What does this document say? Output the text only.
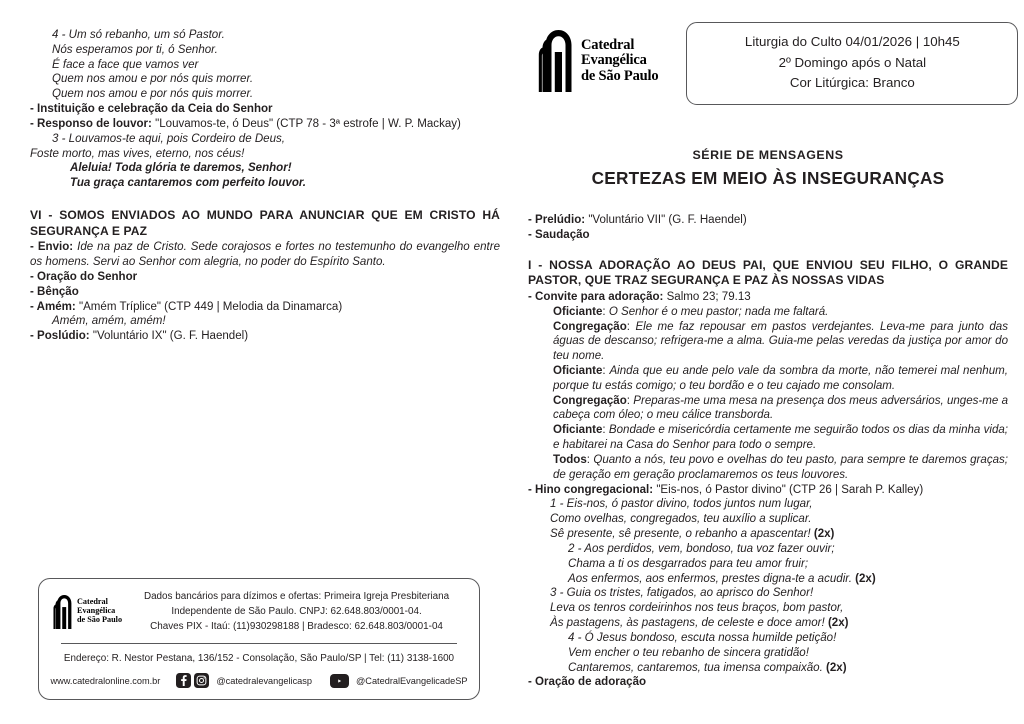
4 - Um só rebanho, um só Pastor.
Nós esperamos por ti, ó Senhor.
É face a face que vamos ver
Quem nos amou e por nós quis morrer.
Quem nos amou e por nós quis morrer.
- Instituição e celebração da Ceia do Senhor
- Responso de louvor: "Louvamos-te, ó Deus" (CTP 78 - 3ª estrofe | W. P. Mackay)
3 - Louvamos-te aqui, pois Cordeiro de Deus,
Foste morto, mas vives, eterno, nos céus!
Aleluia! Toda glória te daremos, Senhor!
Tua graça cantaremos com perfeito louvor.
VI - SOMOS ENVIADOS AO MUNDO PARA ANUNCIAR QUE EM CRISTO HÁ SEGURANÇA E PAZ
- Envio: Ide na paz de Cristo. Sede corajosos e fortes no testemunho do evangelho entre os homens. Servi ao Senhor com alegria, no poder do Espírito Santo.
- Oração do Senhor
- Bênção
- Amém: "Amém Tríplice" (CTP 449 | Melodia da Dinamarca)
Amém, amém, amém!
- Poslúdio: "Voluntário IX" (G. F. Haendel)
Catedral
Evangélica
de São Paulo
Liturgia do Culto 04/01/2026 | 10h45
2º Domingo após o Natal
Cor Litúrgica: Branco
SÉRIE DE MENSAGENS
CERTEZAS EM MEIO ÀS INSEGURANÇAS
- Prelúdio: "Voluntário VII" (G. F. Haendel)
- Saudação
I - NOSSA ADORAÇÃO AO DEUS PAI, QUE ENVIOU SEU FILHO, O GRANDE PASTOR, QUE TRAZ SEGURANÇA E PAZ ÀS NOSSAS VIDAS
- Convite para adoração: Salmo 23; 79.13
Oficiante: O Senhor é o meu pastor; nada me faltará.
Congregação: Ele me faz repousar em pastos verdejantes. Leva-me para junto das águas de descanso; refrigera-me a alma. Guia-me pelas veredas da justiça por amor do teu nome.
Oficiante: Ainda que eu ande pelo vale da sombra da morte, não temerei mal nenhum, porque tu estás comigo; o teu bordão e o teu cajado me consolam.
Congregação: Preparas-me uma mesa na presença dos meus adversários, unges-me a cabeça com óleo; o meu cálice transborda.
Oficiante: Bondade e misericórdia certamente me seguirão todos os dias da minha vida; e habitarei na Casa do Senhor para todo o sempre.
Todos: Quanto a nós, teu povo e ovelhas do teu pasto, para sempre te daremos graças; de geração em geração proclamaremos os teus louvores.
- Hino congregacional: "Eis-nos, ó Pastor divino" (CTP 26 | Sarah P. Kalley)
1 - Eis-nos, ó pastor divino, todos juntos num lugar,
Como ovelhas, congregados, teu auxílio a suplicar.
Sê presente, sê presente, o rebanho a apascentar! (2x)
2 - Aos perdidos, vem, bondoso, tua voz fazer ouvir;
Chama a ti os desgarrados para teu amor fruir;
Aos enfermos, aos enfermos, prestes digna-te a acudir. (2x)
3 - Guia os tristes, fatigados, ao aprisco do Senhor!
Leva os tenros cordeirinhos nos teus braços, bom pastor,
Às pastagens, às pastagens, de celeste e doce amor! (2x)
4 - Ó Jesus bondoso, escuta nossa humilde petição!
Vem encher o teu rebanho de sincera gratidão!
Cantaremos, cantaremos, tua imensa compaixão. (2x)
- Oração de adoração
Catedral
Evangélica
de São Paulo
Dados bancários para dízimos e ofertas: Primeira Igreja Presbiteriana
Independente de São Paulo. CNPJ: 62.648.803/0001-04.
Chaves PIX - Itaú: (11)930298188 | Bradesco: 62.648.803/0001-04
Endereço: R. Nestor Pestana, 136/152 - Consolação, São Paulo/SP | Tel: (11) 3138-1600
www.catedralonline.com.br	@catedralevangelicasp	@CatedralEvangelicadeSP
